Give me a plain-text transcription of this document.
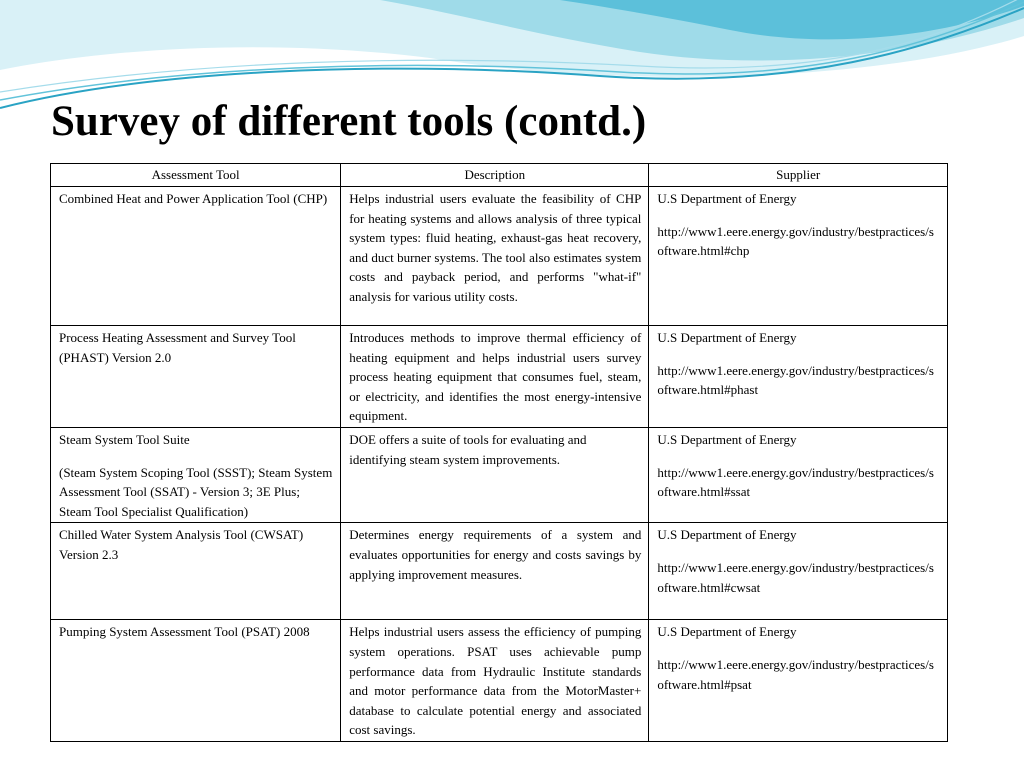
Survey of different tools (contd.)
Assessment Tool	Description	Supplier
Combined Heat and Power Application Tool (CHP)	Helps industrial users evaluate the feasibility of CHP for heating systems and allows analysis of three typical system types: fluid heating, exhaust-gas heat recovery, and duct burner systems. The tool also estimates system costs and payback period, and performs "what-if" analysis for various utility costs.	U.S Department of Energy
http://www1.eere.energy.gov/industry/bestpractices/software.html#chp
Process Heating Assessment and Survey Tool (PHAST) Version 2.0	Introduces methods to improve thermal efficiency of heating equipment and helps industrial users survey process heating equipment that consumes fuel, steam, or electricity, and identifies the most energy-intensive equipment.	U.S Department of Energy
http://www1.eere.energy.gov/industry/bestpractices/software.html#phast
Steam System Tool Suite
(Steam System Scoping Tool (SSST); Steam System Assessment Tool (SSAT) - Version 3; 3E Plus; Steam Tool Specialist Qualification)	DOE offers a suite of tools for evaluating and identifying steam system improvements.	U.S Department of Energy
http://www1.eere.energy.gov/industry/bestpractices/software.html#ssat
Chilled Water System Analysis Tool (CWSAT) Version 2.3	Determines energy requirements of a system and evaluates opportunities for energy and costs savings by applying improvement measures.	U.S Department of Energy
http://www1.eere.energy.gov/industry/bestpractices/software.html#cwsat
Pumping System Assessment Tool (PSAT) 2008	Helps industrial users assess the efficiency of pumping system operations. PSAT uses achievable pump performance data from Hydraulic Institute standards and motor performance data from the MotorMaster+ database to calculate potential energy and associated cost savings.	U.S Department of Energy
http://www1.eere.energy.gov/industry/bestpractices/software.html#psat
